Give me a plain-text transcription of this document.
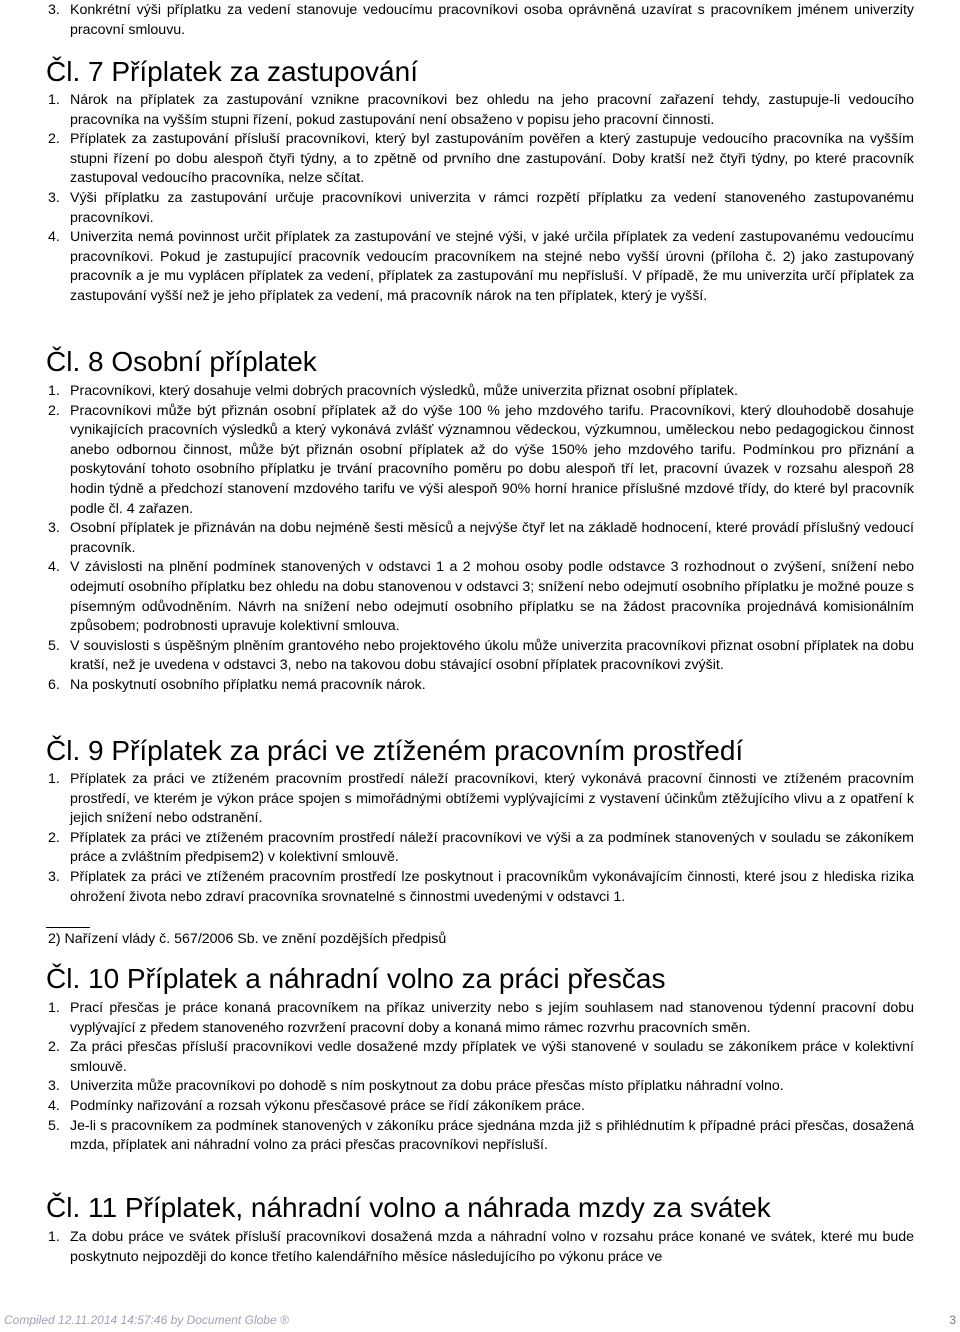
3. Konkrétní výši příplatku za vedení stanovuje vedoucímu pracovníkovi osoba oprávněná uzavírat s pracovníkem jménem univerzity pracovní smlouvu.
Čl. 7 Příplatek za zastupování
1. Nárok na příplatek za zastupování vznikne pracovníkovi bez ohledu na jeho pracovní zařazení tehdy, zastupuje-li vedoucího pracovníka na vyšším stupni řízení, pokud zastupování není obsaženo v popisu jeho pracovní činnosti.
2. Příplatek za zastupování přísluší pracovníkovi, který byl zastupováním pověřen a který zastupuje vedoucího pracovníka na vyšším stupni řízení po dobu alespoň čtyři týdny, a to zpětně od prvního dne zastupování. Doby kratší než čtyři týdny, po které pracovník zastupoval vedoucího pracovníka, nelze sčítat.
3. Výši příplatku za zastupování určuje pracovníkovi univerzita v rámci rozpětí příplatku za vedení stanoveného zastupovanému pracovníkovi.
4. Univerzita nemá povinnost určit příplatek za zastupování ve stejné výši, v jaké určila příplatek za vedení zastupovanému vedoucímu pracovníkovi. Pokud je zastupující pracovník vedoucím pracovníkem na stejné nebo vyšší úrovni (příloha č. 2) jako zastupovaný pracovník a je mu vyplácen příplatek za vedení, příplatek za zastupování mu nepřísluší. V případě, že mu univerzita určí příplatek za zastupování vyšší než je jeho příplatek za vedení, má pracovník nárok na ten příplatek, který je vyšší.
Čl. 8 Osobní příplatek
1. Pracovníkovi, který dosahuje velmi dobrých pracovních výsledků, může univerzita přiznat osobní příplatek.
2. Pracovníkovi může být přiznán osobní příplatek až do výše 100 % jeho mzdového tarifu. Pracovníkovi, který dlouhodobě dosahuje vynikajících pracovních výsledků a který vykonává zvlášť významnou vědeckou, výzkumnou, uměleckou nebo pedagogickou činnost anebo odbornou činnost, může být přiznán osobní příplatek až do výše 150% jeho mzdového tarifu. Podmínkou pro přiznání a poskytování tohoto osobního příplatku je trvání pracovního poměru po dobu alespoň tří let, pracovní úvazek v rozsahu alespoň 28 hodin týdně a předchozí stanovení mzdového tarifu ve výši alespoň 90% horní hranice příslušné mzdové třídy, do které byl pracovník podle čl. 4 zařazen.
3. Osobní příplatek je přiznáván na dobu nejméně šesti měsíců a nejvýše čtyř let na základě hodnocení, které provádí příslušný vedoucí pracovník.
4. V závislosti na plnění podmínek stanovených v odstavci 1 a 2 mohou osoby podle odstavce 3 rozhodnout o zvýšení, snížení nebo odejmutí osobního příplatku bez ohledu na dobu stanovenou v odstavci 3; snížení nebo odejmutí osobního příplatku je možné pouze s písemným odůvodněním. Návrh na snížení nebo odejmutí osobního příplatku se na žádost pracovníka projednává komisionálním způsobem; podrobnosti upravuje kolektivní smlouva.
5. V souvislosti s úspěšným plněním grantového nebo projektového úkolu může univerzita pracovníkovi přiznat osobní příplatek na dobu kratší, než je uvedena v odstavci 3, nebo na takovou dobu stávající osobní příplatek pracovníkovi zvýšit.
6. Na poskytnutí osobního příplatku nemá pracovník nárok.
Čl. 9 Příplatek za práci ve ztíženém pracovním prostředí
1. Příplatek za práci ve ztíženém pracovním prostředí náleží pracovníkovi, který vykonává pracovní činnosti ve ztíženém pracovním prostředí, ve kterém je výkon práce spojen s mimořádnými obtížemi vyplývajícími z vystavení účinkům ztěžujícího vlivu a z opatření k jejich snížení nebo odstranění.
2. Příplatek za práci ve ztíženém pracovním prostředí náleží pracovníkovi ve výši a za podmínek stanovených v souladu se zákoníkem práce a zvláštním předpisem2) v kolektivní smlouvě.
3. Příplatek za práci ve ztíženém pracovním prostředí lze poskytnout i pracovníkům vykonávajícím činnosti, které jsou z hlediska rizika ohrožení života nebo zdraví pracovníka srovnatelné s činnostmi uvedenými v odstavci 1.
2) Nařízení vlády č. 567/2006 Sb. ve znění pozdějších předpisů
Čl. 10 Příplatek a náhradní volno za práci přesčas
1. Prací přesčas je práce konaná pracovníkem na příkaz univerzity nebo s jejím souhlasem nad stanovenou týdenní pracovní dobu vyplývající z předem stanoveného rozvržení pracovní doby a konaná mimo rámec rozvrhu pracovních směn.
2. Za práci přesčas přísluší pracovníkovi vedle dosažené mzdy příplatek ve výši stanovené v souladu se zákoníkem práce v kolektivní smlouvě.
3. Univerzita může pracovníkovi po dohodě s ním poskytnout za dobu práce přesčas místo příplatku náhradní volno.
4. Podmínky nařizování a rozsah výkonu přesčasové práce se řídí zákoníkem práce.
5. Je-li s pracovníkem za podmínek stanovených v zákoníku práce sjednána mzda již s přihlédnutím k případné práci přesčas, dosažená mzda, příplatek ani náhradní volno za práci přesčas pracovníkovi nepřísluší.
Čl. 11 Příplatek, náhradní volno a náhrada mzdy za svátek
1. Za dobu práce ve svátek přísluší pracovníkovi dosažená mzda a náhradní volno v rozsahu práce konané ve svátek, které mu bude poskytnuto nejpozději do konce třetího kalendářního měsíce následujícího po výkonu práce ve
Compiled 12.11.2014 14:57:46 by Document Globe ®	3
